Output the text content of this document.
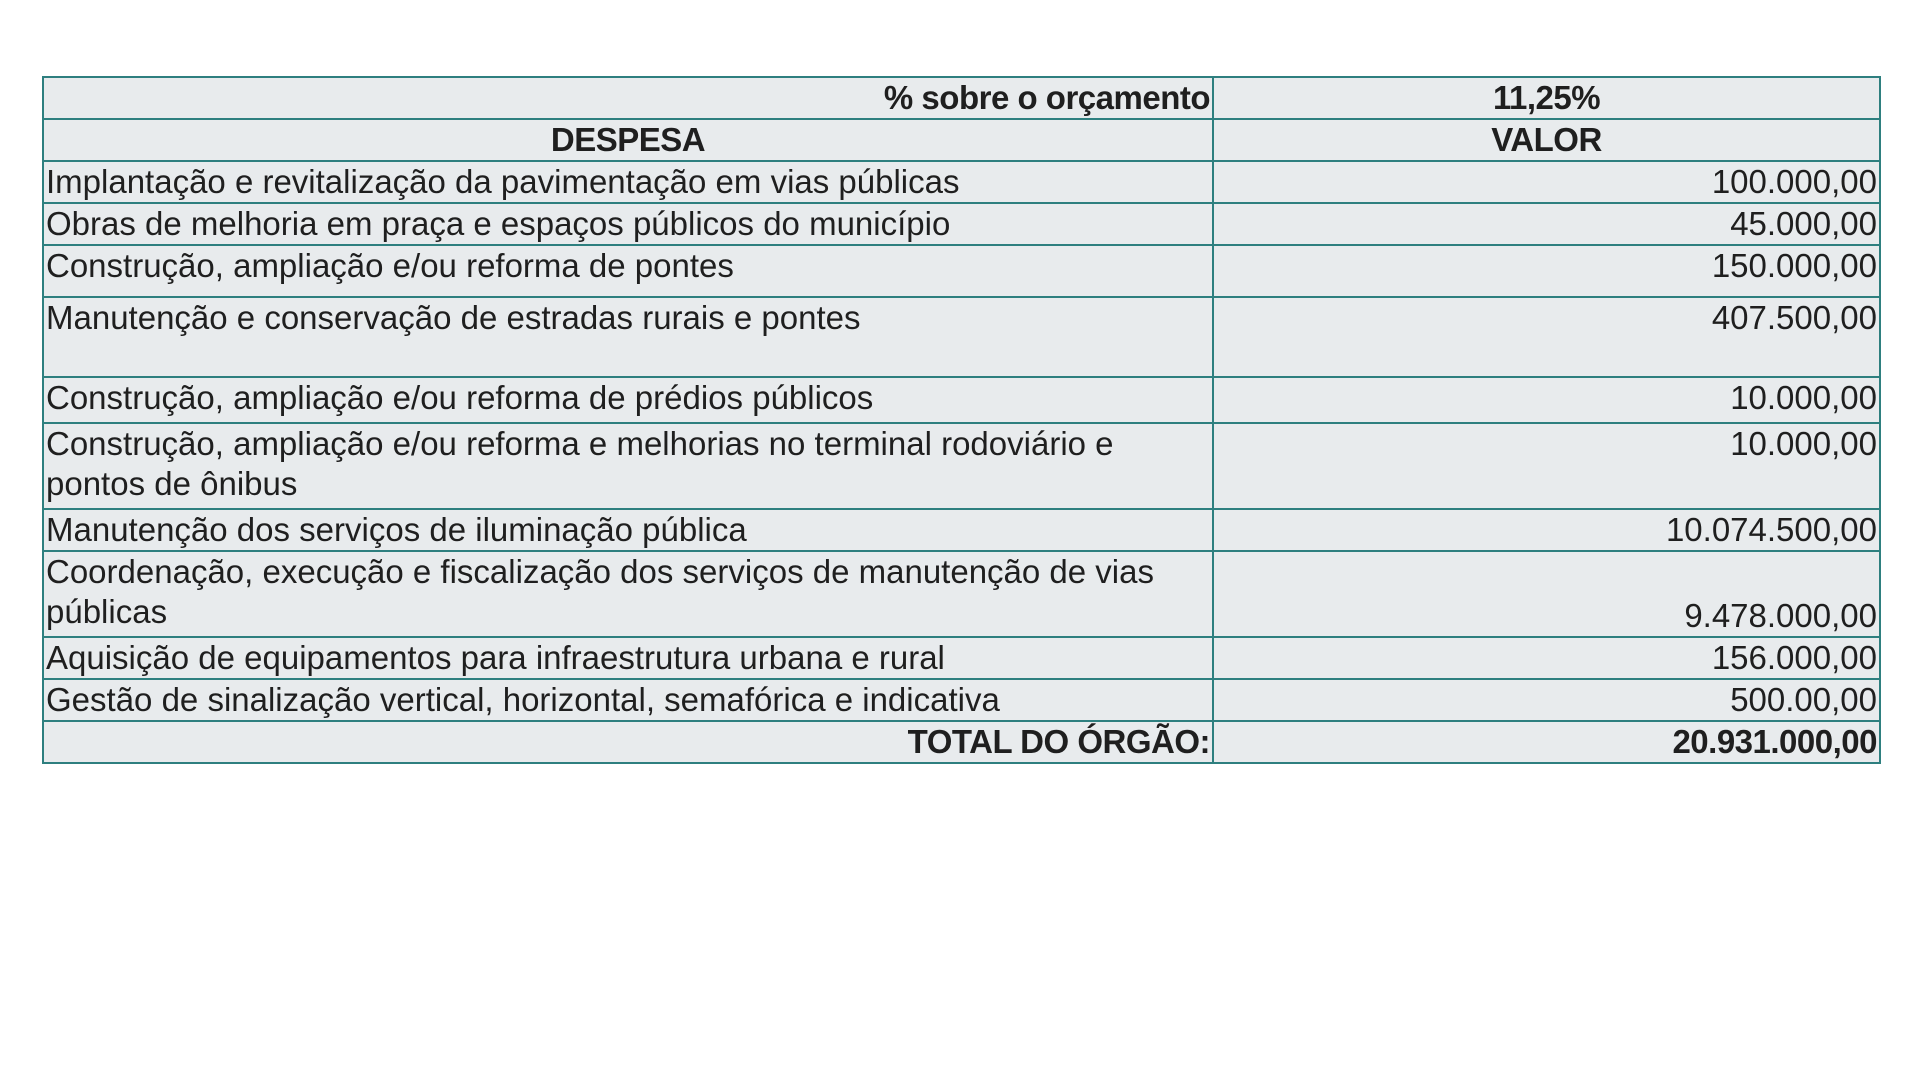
% sobre o orçamento	11,25%
DESPESA	VALOR
Implantação e revitalização da pavimentação em vias públicas	100.000,00
Obras de melhoria em praça e espaços públicos do município	45.000,00
Construção, ampliação e/ou reforma de pontes	150.000,00
Manutenção e conservação de estradas rurais e pontes	407.500,00
Construção, ampliação e/ou reforma de prédios públicos	10.000,00
Construção, ampliação e/ou reforma e melhorias no terminal rodoviário e pontos de ônibus	10.000,00
Manutenção dos serviços de iluminação pública	10.074.500,00
Coordenação, execução e fiscalização dos serviços de manutenção de vias públicas	9.478.000,00
Aquisição de equipamentos para infraestrutura urbana e rural	156.000,00
Gestão de sinalização vertical, horizontal, semafórica e indicativa	500.00,00
TOTAL DO ÓRGÃO:	20.931.000,00
